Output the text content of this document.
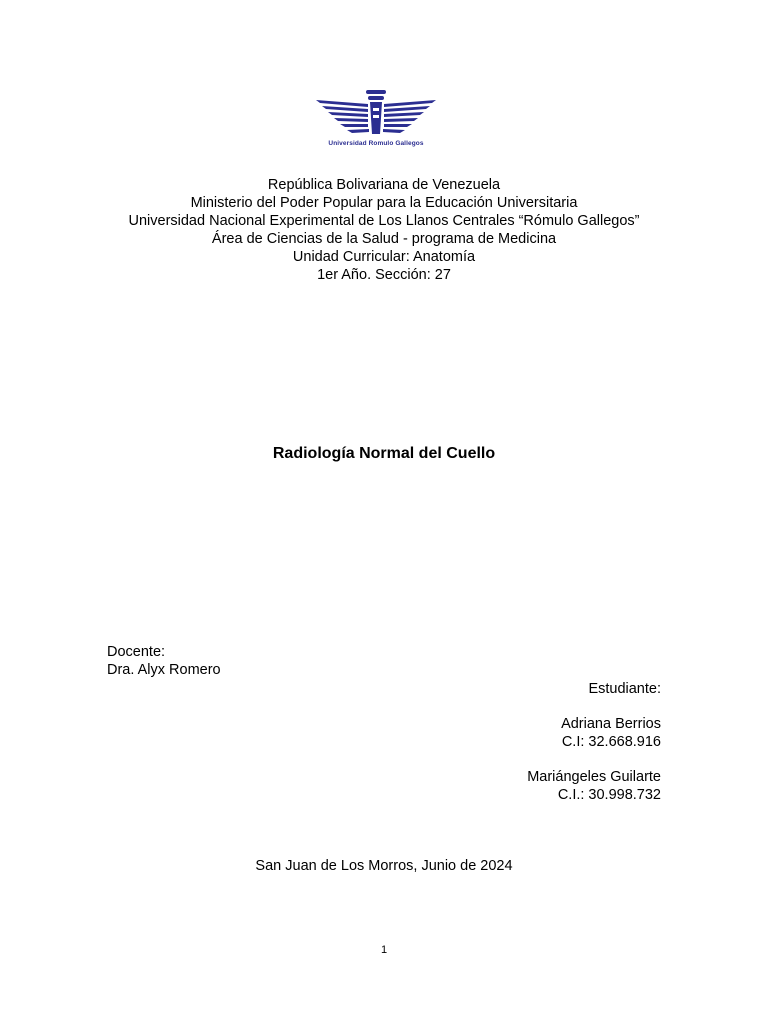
Universidad Romulo Gallegos
República Bolivariana de Venezuela
Ministerio del Poder Popular para la Educación Universitaria
Universidad Nacional Experimental de Los Llanos Centrales “Rómulo Gallegos”
Área de Ciencias de la Salud - programa de Medicina
Unidad Curricular: Anatomía
1er Año. Sección: 27
Radiología Normal del Cuello
Docente:
Dra. Alyx Romero
Estudiante:
Adriana Berrios
C.I: 32.668.916
Mariángeles Guilarte
C.I.: 30.998.732
San Juan de Los Morros, Junio de 2024
1
